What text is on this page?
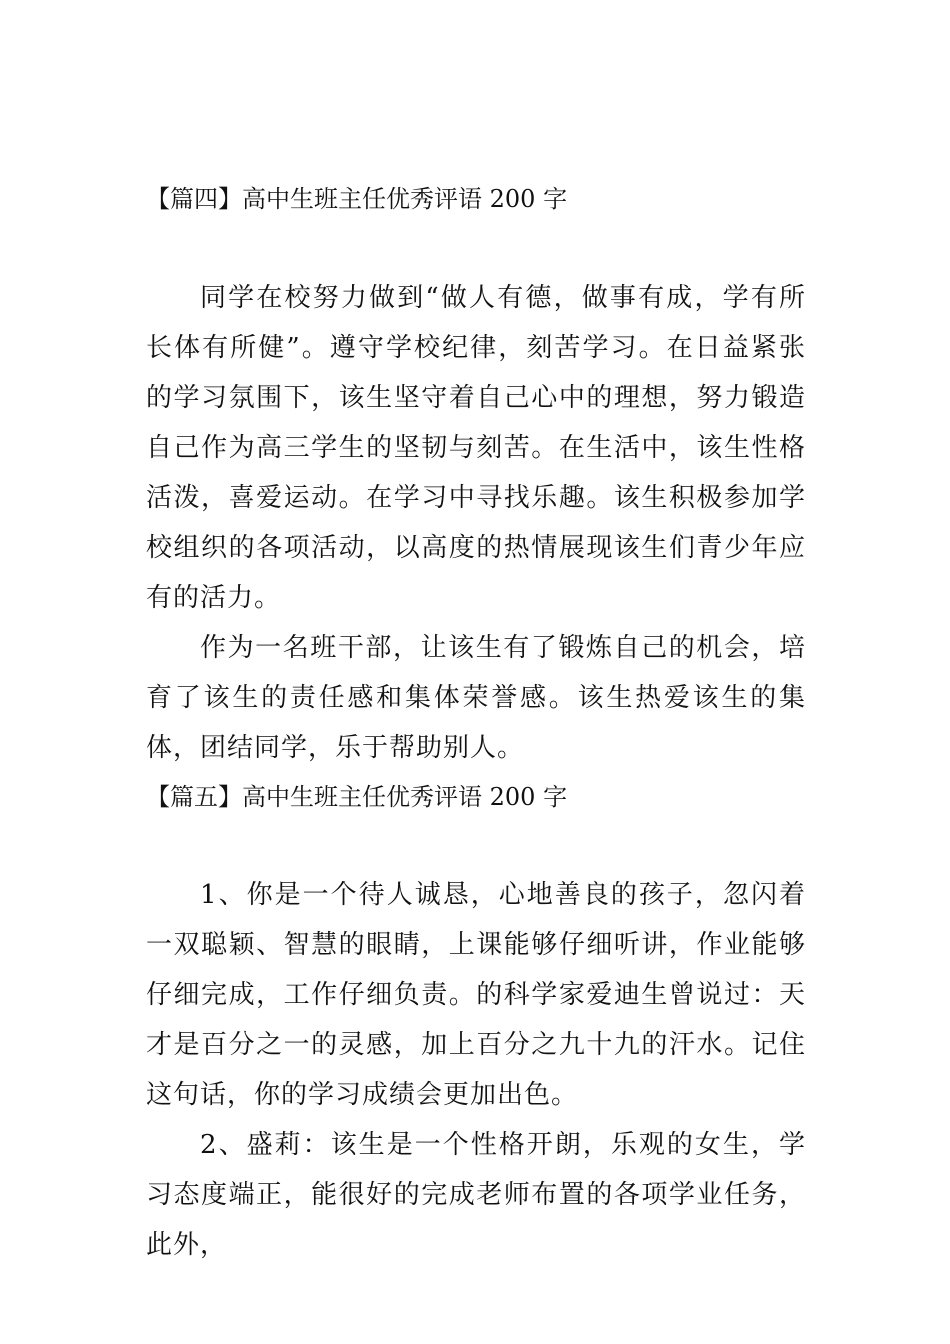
【篇四】高中生班主任优秀评语 200 字

同学在校努力做到“做人有德，做事有成，学有所长体有所健”。遵守学校纪律，刻苦学习。在日益紧张的学习氛围下，该生坚守着自己心中的理想，努力锻造自己作为高三学生的坚韧与刻苦。在生活中，该生性格活泼，喜爱运动。在学习中寻找乐趣。该生积极参加学校组织的各项活动，以高度的热情展现该生们青少年应有的活力。

作为一名班干部，让该生有了锻炼自己的机会，培育了该生的责任感和集体荣誉感。该生热爱该生的集体，团结同学，乐于帮助别人。

【篇五】高中生班主任优秀评语 200 字

1、你是一个待人诚恳，心地善良的孩子，忽闪着一双聪颖、智慧的眼睛，上课能够仔细听讲，作业能够仔细完成，工作仔细负责。的科学家爱迪生曾说过：天才是百分之一的灵感，加上百分之九十九的汗水。记住这句话，你的学习成绩会更加出色。

2、盛莉：该生是一个性格开朗，乐观的女生，学习态度端正，能很好的完成老师布置的各项学业任务，此外，
